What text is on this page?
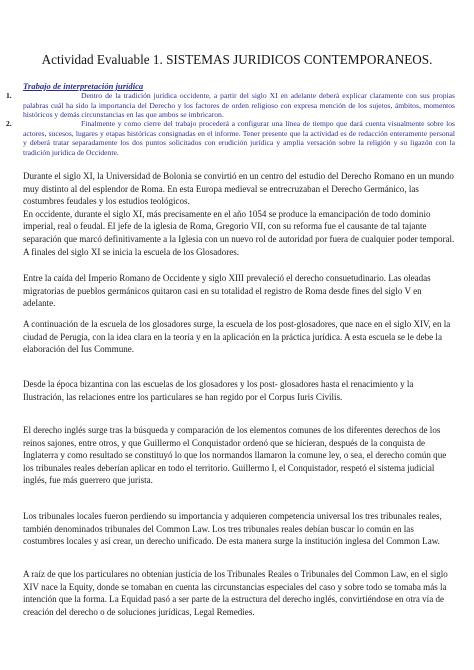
Actividad Evaluable 1. SISTEMAS JURIDICOS CONTEMPORANEOS.
Trabajo de interpretación jurídica
1.	Dentro de la tradición jurídica occidente, a partir del siglo XI en adelante deberá explicar claramente con sus propias palabras cuál ha sido la importancia del Derecho y los factores de orden religioso con expresa mención de los sujetos, ámbitos, momentos históricos y demás circunstancias en las que ambos se imbricaron.
2.	Finalmente y como cierre del trabajo procederá a configurar una línea de tiempo que dará cuenta visualmente sobre los actores, sucesos, lugares y etapas históricas consignadas en el informe. Tener presente que la actividad es de redacción enteramente personal y deberá tratar separadamente los dos puntos solicitados con erudición jurídica y amplia versación sobre la religión y su ligazón con la tradición jurídica de Occidente.
Durante el siglo XI, la Universidad de Bolonia se convirtió en un centro del estudio del Derecho Romano en un mundo muy distinto al del esplendor de Roma. En esta Europa medieval se entrecruzaban el Derecho Germánico, las costumbres feudales y los estudios teológicos.
En occidente, durante el siglo XI, más precisamente en el año 1054 se produce la emancipación de todo dominio imperial, real o feudal. El jefe de la iglesia de Roma, Gregorio VII, con su reforma fue el causante de tal tajante separación que marcó definitivamente a la Iglesia con un nuevo rol de autoridad por fuera de cualquier poder temporal. A finales del siglo XI se inicia la escuela de los Glosadores.
Entre la caída del Imperio Romano de Occidente y siglo XIII prevaleció el derecho consuetudinario. Las oleadas migratorias de pueblos germánicos quitaron casi en su totalidad el registro de Roma desde fines del siglo V en adelante.
A continuación de la escuela de los glosadores surge, la escuela de los post-glosadores, que nace en el siglo XIV, en la ciudad de Perugia, con la idea clara en la teoría y en la aplicación en la práctica jurídica. A esta escuela se le debe la elaboración del Ius Commune.
Desde la época bizantina con las escuelas de los glosadores y los post- glosadores hasta el renacimiento y la Ilustración, las relaciones entre los particulares se han regido por el Corpus Iuris Civilis.
El derecho inglés surge tras la búsqueda y comparación de los elementos comunes de los diferentes derechos de los reinos sajones, entre otros, y que Guillermo el Conquistador ordenó que se hicieran, después de la conquista de Inglaterra y como resultado se constituyó lo que los normandos llamaron la comune ley, o sea, el derecho común que los tribunales reales deberían aplicar en todo el territorio. Guillermo I, el Conquistador, respetó el sistema judicial inglés, fue más guerrero que jurista.
Los tribunales locales fueron perdiendo su importancia y adquieren competencia universal los tres tribunales reales, también denominados tribunales del Common Law. Los tres tribunales reales debían buscar lo común en las costumbres locales y así crear, un derecho unificado. De esta manera surge la institución inglesa del Common Law.
A raíz de que los particulares no obtenían justicia de los Tribunales Reales o Tribunales del Common Law, en el siglo XIV nace la Equity, donde se tomaban en cuenta las circunstancias especiales del caso y sobre todo se tomaba más la intención que la forma. La Equidad pasó a ser parte de la estructura del derecho inglés, convirtiéndose en otra vía de creación del derecho o de soluciones jurídicas, Legal Remedies.
